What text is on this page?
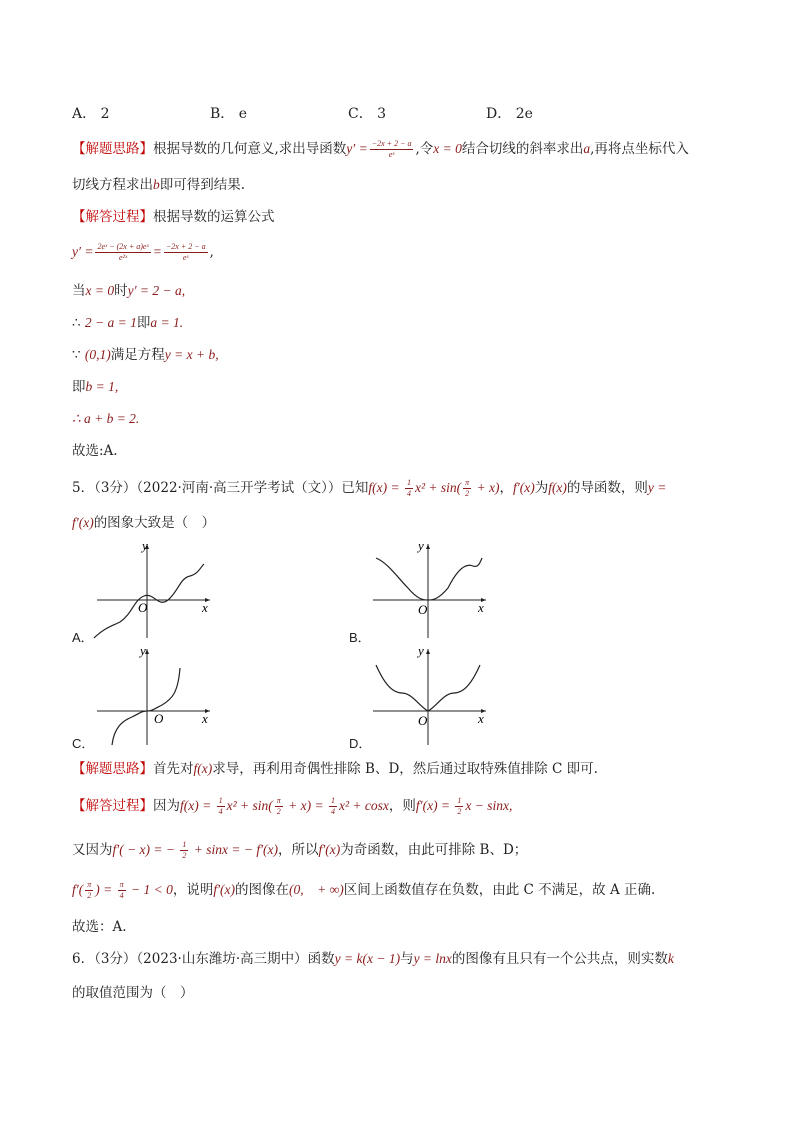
A． 2	B． e	C． 3	D． 2e
【解题思路】根据导数的几何意义,求出导函数$y' = \frac{-2x + 2 - a}{\text{eˣ}}$ ,令x = 0结合切线的斜率求出a,再将点坐标代入
切线方程求出b即可得到结果.
【解答过程】根据导数的运算公式
$y' = \frac{\text{2eˣ − (2x + a)eˣ}}{\text{e²ˣ}} = \frac{-2x + 2 - a}{\text{eˣ}}$ ,
当x = 0时y′ = 2 − a,
∴ 2 − a = 1即a = 1.
∵ (0,1)满足方程y = x + b,
即b = 1,
∴ a + b = 2.
故选:A.
5．（3分）（2022·河南·高三开学考试（文））已知$f(x) = \frac{1}{4} x^2 + \sin( \frac{\pi}{2} + x)$，f′(x)为f(x)的导函数，则y =
f′(x)的图象大致是（　）
y
x
O
A．
y
x
O
B．
y
x
O
C．
y
x
O
D．
【解题思路】首先对f(x)求导，再利用奇偶性排除 B、D，然后通过取特殊值排除 C 即可.
【解答过程】因为$f(x) = \frac{1}{4} x^2 + \sin( \frac{\pi}{2} + x) = \frac{1}{4} x^2 + \cos x$，则$f'(x) = \frac{1}{2}$ x − sinx,
又因为f′( − x) = − $\frac{1}{2} + \sin x$ = − f′(x)，所以f′(x)为奇函数，由此可排除 B、D；
$f'( \frac{\pi}{2}$ ) = $\frac{\pi}{4} - 1 < 0$，说明f′(x)的图像在(0,　+ ∞)区间上函数值存在负数，由此 C 不满足，故 A 正确.
故选：A.
6．（3分）（2023·山东潍坊·高三期中）函数y = k(x − 1)与y = lnx的图像有且只有一个公共点，则实数k
的取值范围为（　）
